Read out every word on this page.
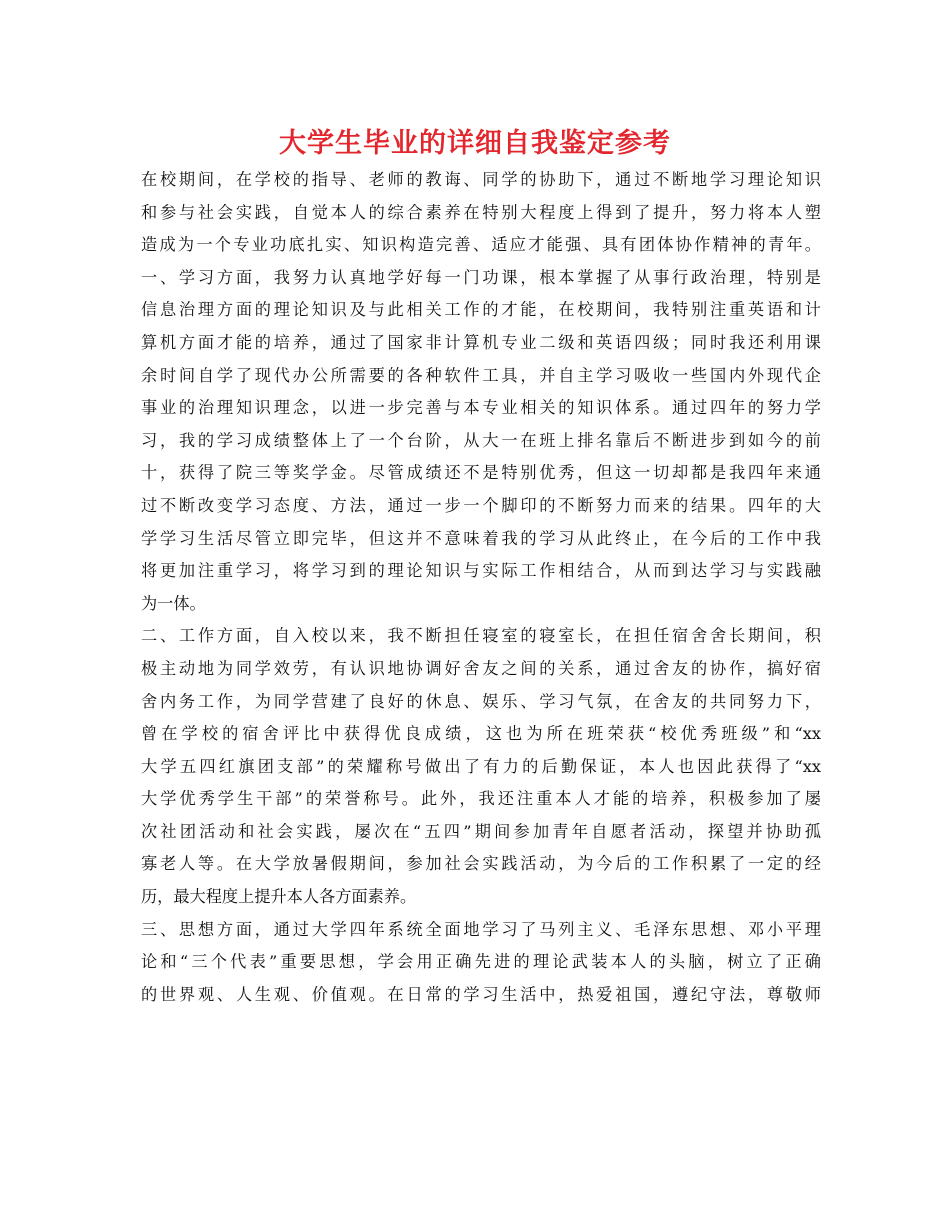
大学生毕业的详细自我鉴定参考
在校期间，在学校的指导、老师的教诲、同学的协助下，通过不断地学习理论知识
和参与社会实践，自觉本人的综合素养在特别大程度上得到了提升，努力将本人塑
造成为一个专业功底扎实、知识构造完善、适应才能强、具有团体协作精神的青年。
一、学习方面，我努力认真地学好每一门功课，根本掌握了从事行政治理，特别是
信息治理方面的理论知识及与此相关工作的才能，在校期间，我特别注重英语和计
算机方面才能的培养，通过了国家非计算机专业二级和英语四级；同时我还利用课
余时间自学了现代办公所需要的各种软件工具，并自主学习吸收一些国内外现代企
事业的治理知识理念，以进一步完善与本专业相关的知识体系。通过四年的努力学
习，我的学习成绩整体上了一个台阶，从大一在班上排名靠后不断进步到如今的前
十，获得了院三等奖学金。尽管成绩还不是特别优秀，但这一切却都是我四年来通
过不断改变学习态度、方法，通过一步一个脚印的不断努力而来的结果。四年的大
学学习生活尽管立即完毕，但这并不意味着我的学习从此终止，在今后的工作中我
将更加注重学习，将学习到的理论知识与实际工作相结合，从而到达学习与实践融
为一体。
二、工作方面，自入校以来，我不断担任寝室的寝室长，在担任宿舍舍长期间，积
极主动地为同学效劳，有认识地协调好舍友之间的关系，通过舍友的协作，搞好宿
舍内务工作，为同学营建了良好的休息、娱乐、学习气氛，在舍友的共同努力下，
曾在学校的宿舍评比中获得优良成绩，这也为所在班荣获“校优秀班级”和“xx
大学五四红旗团支部”的荣耀称号做出了有力的后勤保证，本人也因此获得了“xx
大学优秀学生干部”的荣誉称号。此外，我还注重本人才能的培养，积极参加了屡
次社团活动和社会实践，屡次在“五四”期间参加青年自愿者活动，探望并协助孤
寡老人等。在大学放暑假期间，参加社会实践活动，为今后的工作积累了一定的经
历，最大程度上提升本人各方面素养。
三、思想方面，通过大学四年系统全面地学习了马列主义、毛泽东思想、邓小平理
论和“三个代表”重要思想，学会用正确先进的理论武装本人的头脑，树立了正确
的世界观、人生观、价值观。在日常的学习生活中，热爱祖国，遵纪守法，尊敬师
